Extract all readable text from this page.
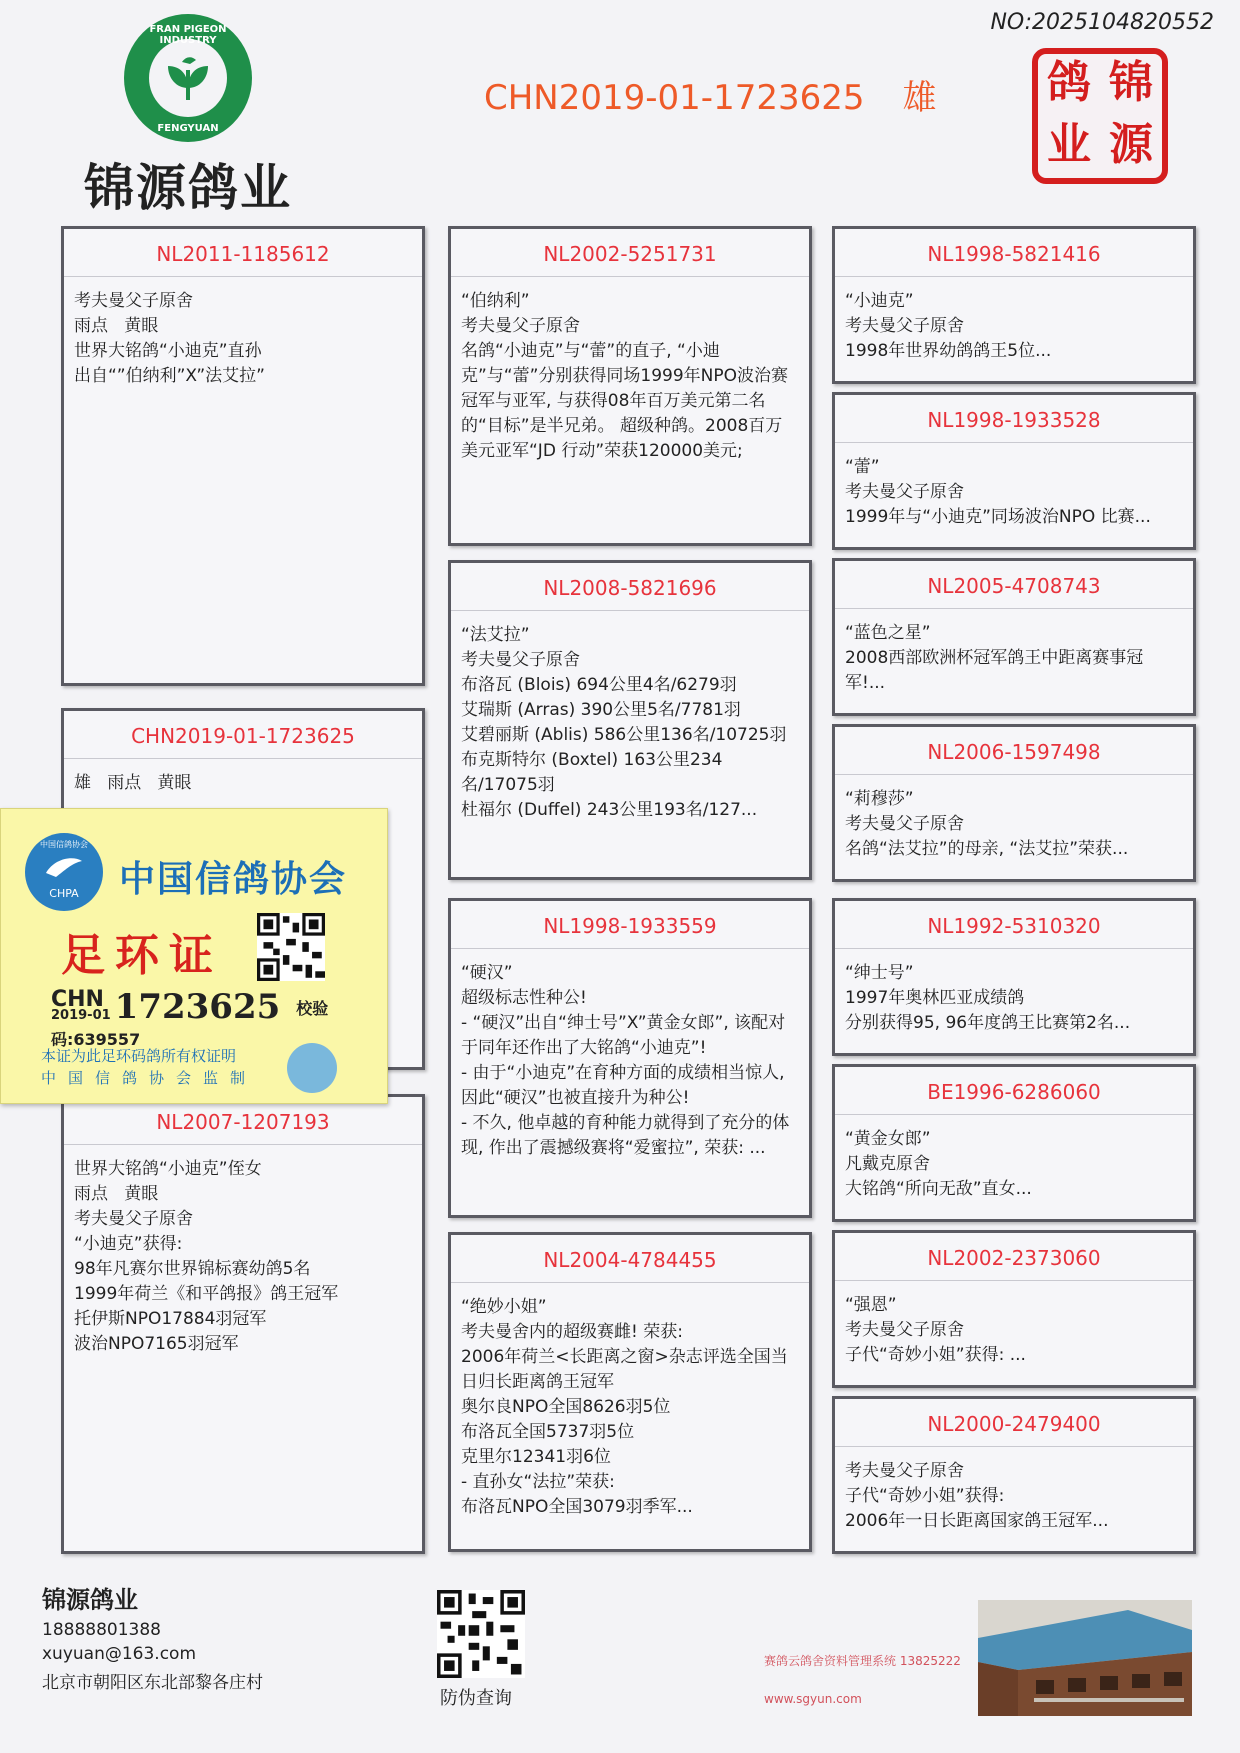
FRAN PIGEON INDUSTRY
FENGYUAN
锦源鸽业
NO:2025104820552
CHN2019-01-1723625 雄	鸽 锦
业 源
NL2011-1185612
考夫曼父子原舍
雨点   黄眼
世界大铭鸽“小迪克”直孙
出自“”伯纳利”X”法艾拉”
CHN2019-01-1723625
雄   雨点   黄眼
NL2007-1207193
世界大铭鸽“小迪克”侄女
雨点   黄眼
考夫曼父子原舍
“小迪克”获得:
98年凡赛尔世界锦标赛幼鸽5名
1999年荷兰《和平鸽报》鸽王冠军
托伊斯NPO17884羽冠军
波治NPO7165羽冠军
NL2002-5251731
“伯纳利”
考夫曼父子原舍
名鸽“小迪克”与“蕾”的直子, “小迪克”与“蕾”分别获得同场1999年NPO波治赛冠军与亚军, 与获得08年百万美元第二名的“目标”是半兄弟。 超级种鸽。2008百万美元亚军“JD 行动”荣获120000美元;
NL2008-5821696
“法艾拉”
考夫曼父子原舍
布洛瓦 (Blois) 694公里4名/6279羽
艾瑞斯 (Arras) 390公里5名/7781羽
艾碧丽斯 (Ablis) 586公里136名/10725羽
布克斯特尔 (Boxtel) 163公里234名/17075羽
杜福尔 (Duffel) 243公里193名/127...
NL1998-1933559
“硬汉”
超级标志性种公!
- “硬汉”出自“绅士号”X”黄金女郎”, 该配对于同年还作出了大铭鸽“小迪克”!
- 由于“小迪克”在育种方面的成绩相当惊人, 因此“硬汉”也被直接升为种公!
- 不久, 他卓越的育种能力就得到了充分的体现, 作出了震撼级赛将“爱蜜拉”, 荣获: ...
NL2004-4784455
“绝妙小姐”
考夫曼舍内的超级赛雌! 荣获:
2006年荷兰<长距离之窗>杂志评选全国当日归长距离鸽王冠军
奥尔良NPO全国8626羽5位
布洛瓦全国5737羽5位
克里尔12341羽6位
- 直孙女“法拉”荣获:
布洛瓦NPO全国3079羽季军...
NL1998-5821416
“小迪克”
考夫曼父子原舍
1998年世界幼鸽鸽王5位...
NL1998-1933528
“蕾”
考夫曼父子原舍
1999年与“小迪克”同场波治NPO 比赛...
NL2005-4708743
“蓝色之星”
2008西部欧洲杯冠军鸽王中距离赛事冠军!...
NL2006-1597498
“莉穆莎”
考夫曼父子原舍
名鸽“法艾拉”的母亲, “法艾拉”荣获...
NL1992-5310320
“绅士号”
1997年奥林匹亚成绩鸽
分别获得95, 96年度鸽王比赛第2名...
BE1996-6286060
“黄金女郎”
凡戴克原舍
大铭鸽“所向无敌”直女...
NL2002-2373060
“强恩”
考夫曼父子原舍
子代“奇妙小姐”获得: ...
NL2000-2479400
考夫曼父子原舍
子代“奇妙小姐”获得:
2006年一日长距离国家鸽王冠军...
中国信鸽协会
CHPA	中国信鸽协会
足环证
CHN
2019-01 1723625 校验码:639557
本证为此足环码鸽所有权证明
中国信鸽协会监制
锦源鸽业
18888801388
xuyuan@163.com
北京市朝阳区东北部黎各庄村
防伪查询
赛鸽云鸽舍资料管理系统 13825222
www.sgyun.com
